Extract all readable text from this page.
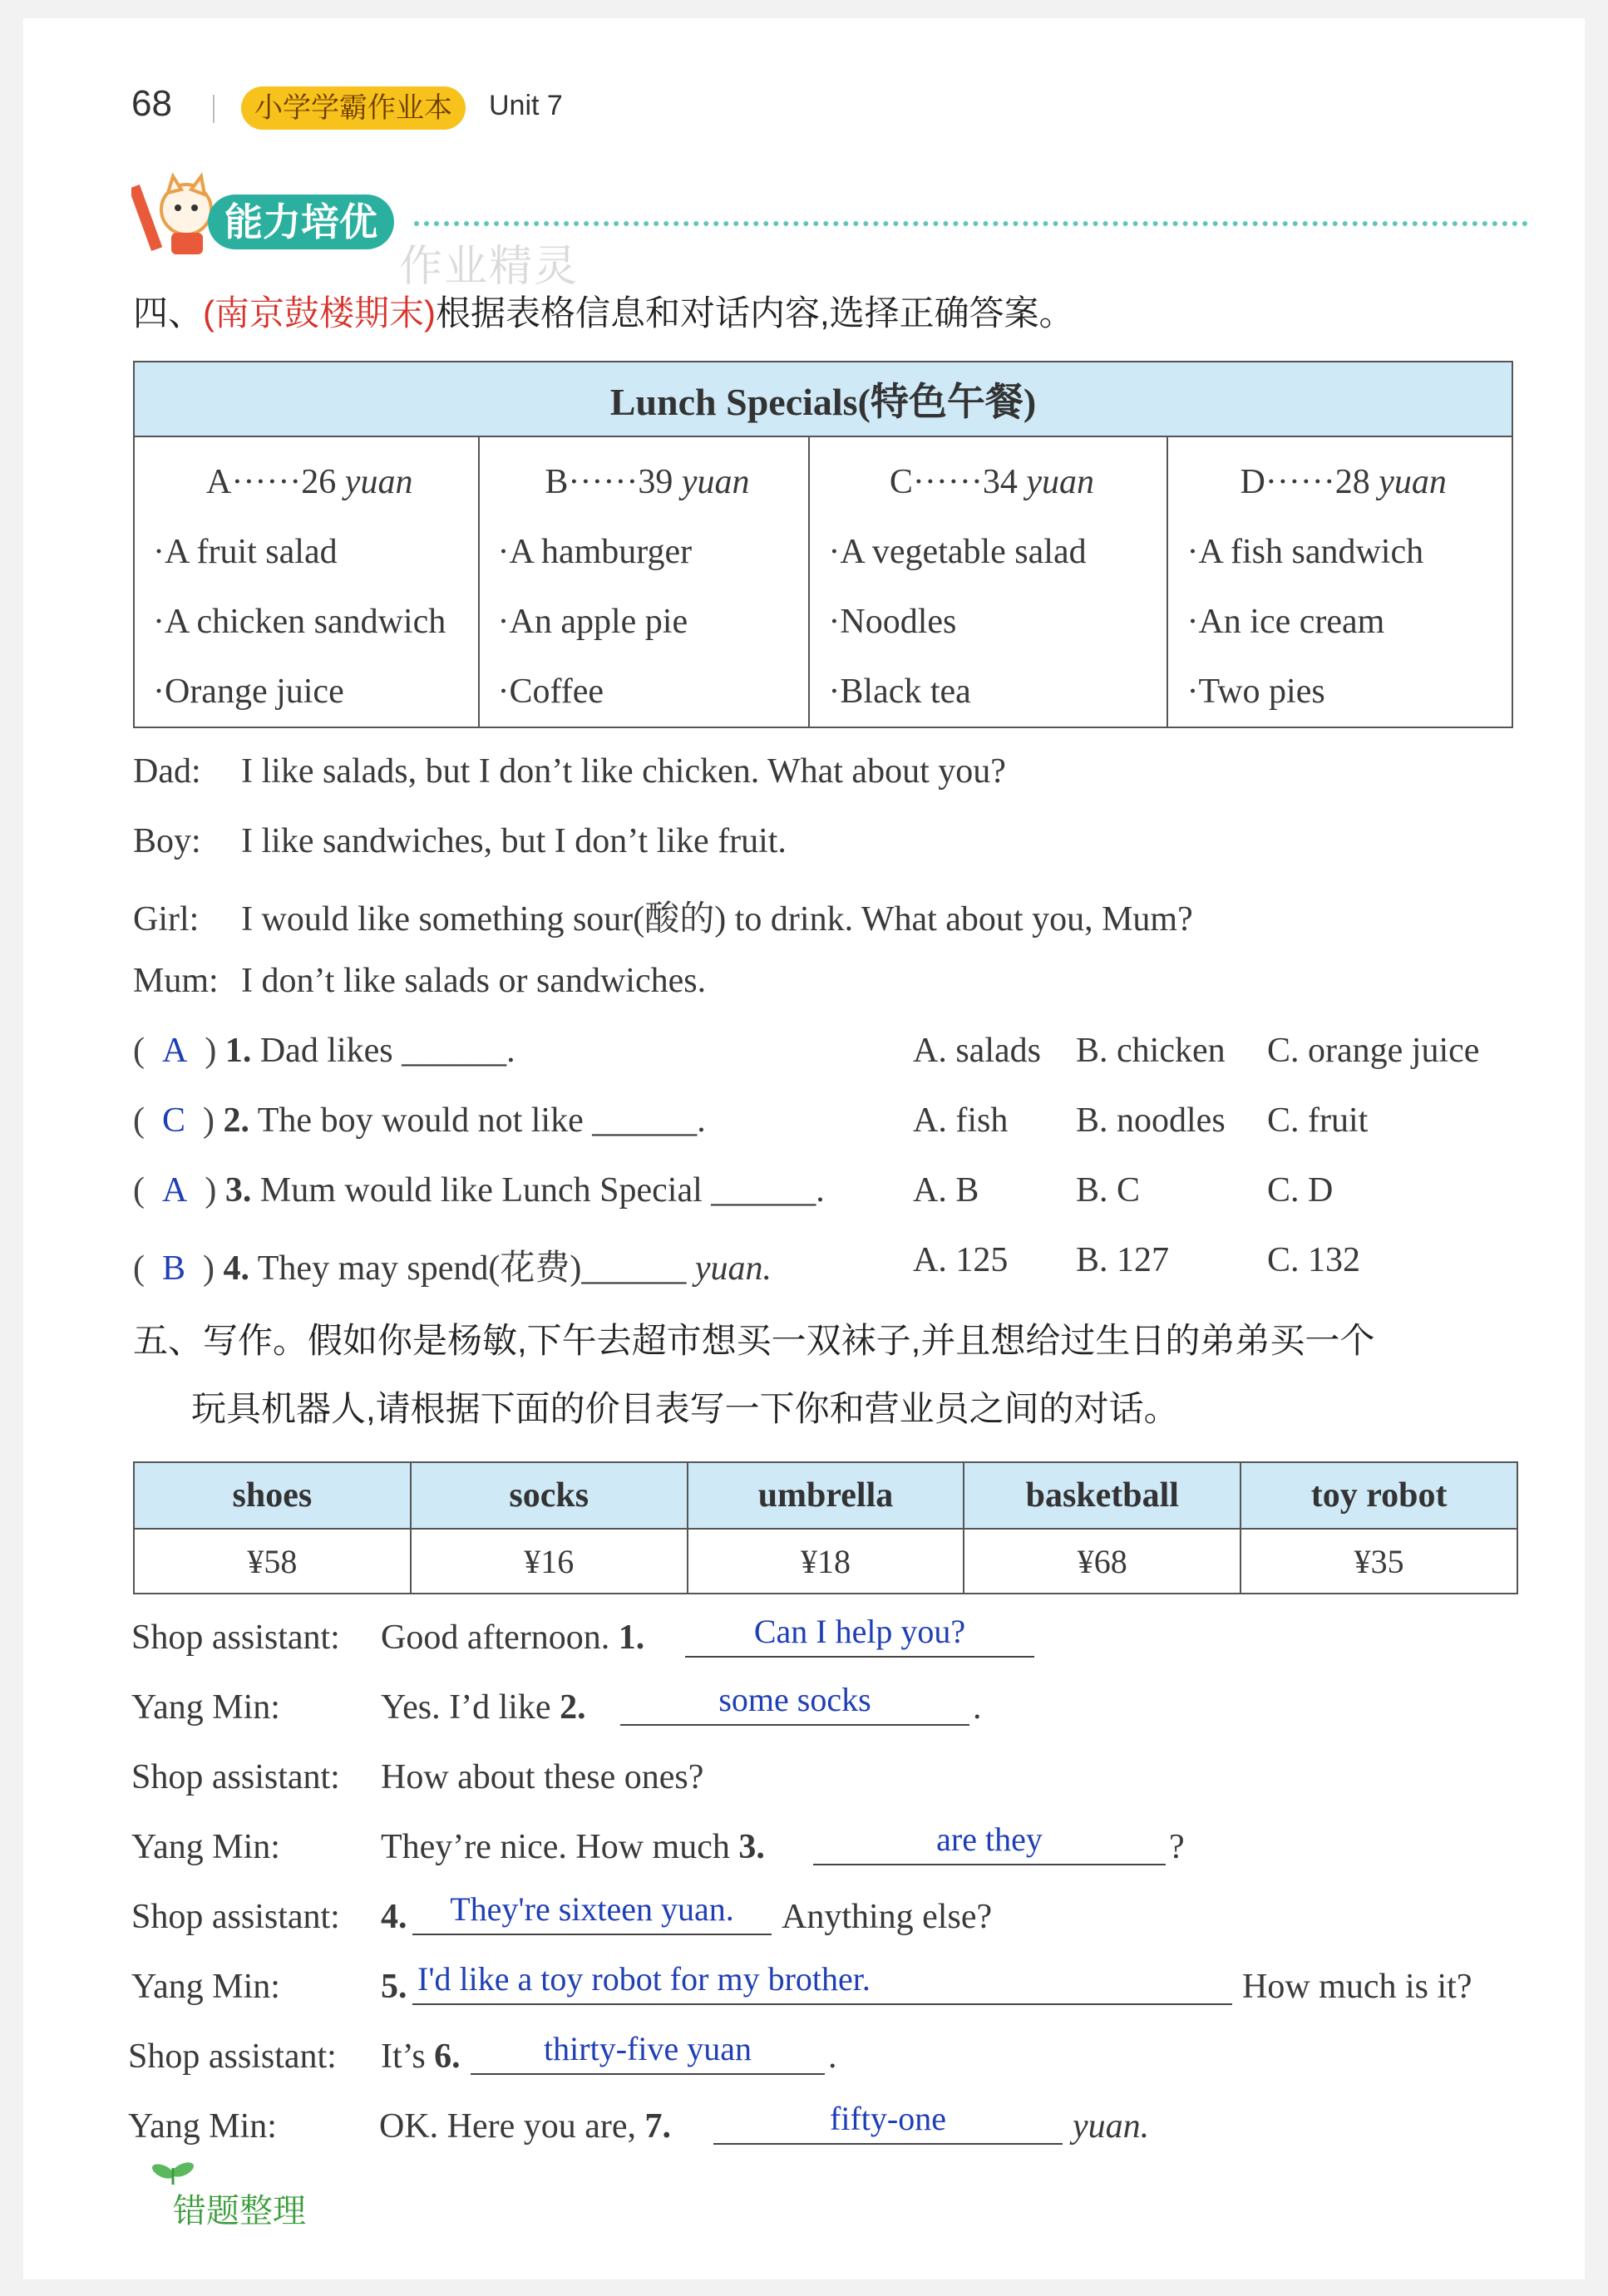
68	小学学霸作业本	Unit 7
能力培优
作业精灵
四、(南京鼓楼期末)根据表格信息和对话内容,选择正确答案。
Lunch Specials(特色午餐)

A······26 yuan
·A fruit salad
·A chicken sandwich
·Orange juice

B······39 yuan
·A hamburger
·An apple pie
·Coffee

C······34 yuan
·A vegetable salad
·Noodles
·Black tea

D······28 yuan
·A fish sandwich
·An ice cream
·Two pies
Dad: I like salads, but I don’t like chicken. What about you?
Boy: I like sandwiches, but I don’t like fruit.
Girl: I would like something sour(酸的) to drink. What about you, Mum?
Mum: I don’t like salads or sandwiches.
(  A  ) 1. Dad likes ______.	A. salads B. chicken C. orange juice
(  C  ) 2. The boy would not like ______.	A. fish B. noodles C. fruit
(  A  ) 3. Mum would like Lunch Special ______.	A. B	B. C	C. D
(  B  ) 4. They may spend(花费)______ yuan.	A. 125 B. 127	C. 132
五、写作。假如你是杨敏,下午去超市想买一双袜子,并且想给过生日的弟弟买一个
玩具机器人,请根据下面的价目表写一下你和营业员之间的对话。
shoes	socks	umbrella	basketball	toy robot
¥58	¥16	¥18	¥68	¥35
Shop assistant: Good afternoon. 1.	Can I help you?
Yang Min:	Yes. I’d like 2.	some socks	.
Shop assistant: How about these ones?
Yang Min:	They’re nice. How much 3.	are they	?
Shop assistant: 4.	They're sixteen yuan.	Anything else?
Yang Min:	5. I'd like a toy robot for my brother.	How much is it?
Shop assistant: It’s 6.	thirty-five yuan	.
Yang Min:	OK. Here you are, 7.	fifty-one	yuan.
错题整理
